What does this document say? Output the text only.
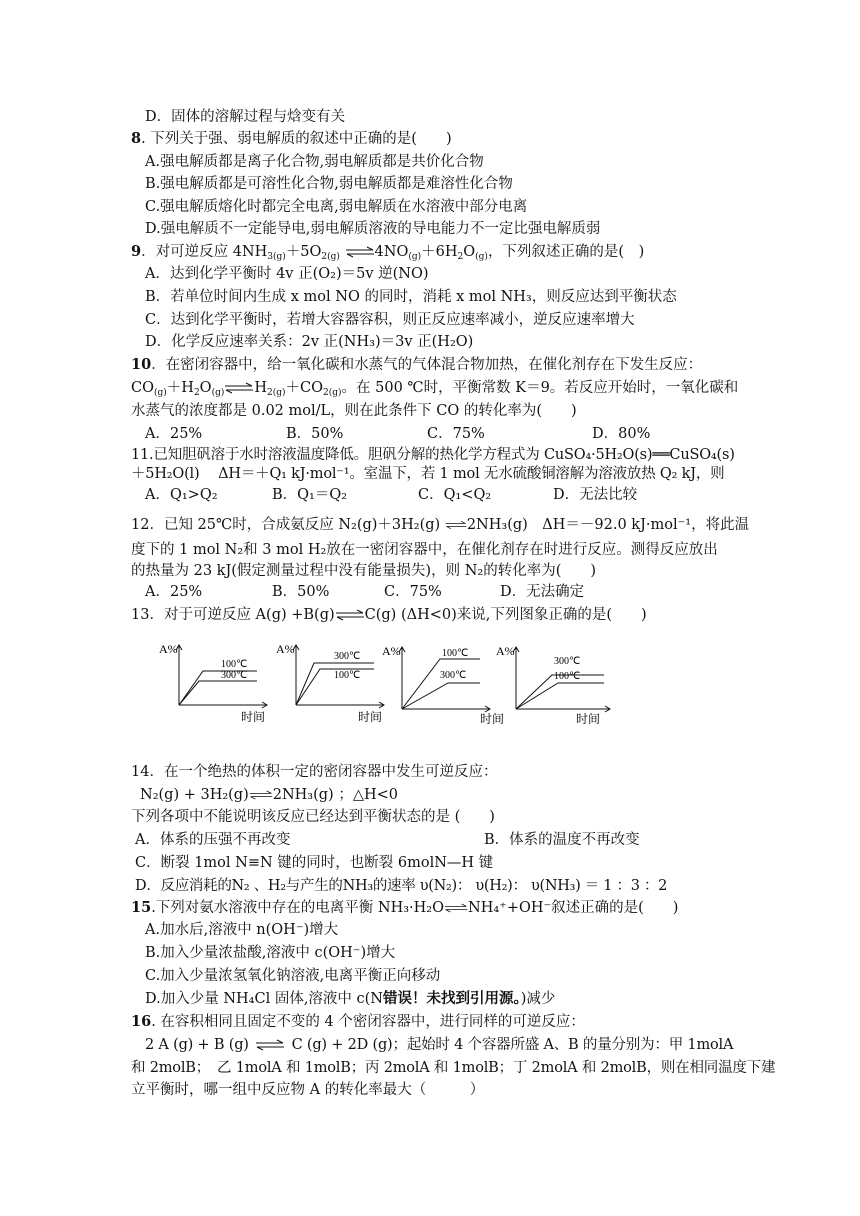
D．固体的溶解过程与焓变有关
8. 下列关于强、弱电解质的叙述中正确的是(　　)
A.强电解质都是离子化合物,弱电解质都是共价化合物
B.强电解质都是可溶性化合物,弱电解质都是难溶性化合物
C.强电解质熔化时都完全电离,弱电解质在水溶液中部分电离
D.强电解质不一定能导电,弱电解质溶液的导电能力不一定比强电解质弱
9．对可逆反应 $4NH_{3(g)}+5O_{2(g)}$ $\rightleftharpoons 4NO_{(g)}+6H_2O_{(g)}$，下列叙述正确的是(　)
A．达到化学平衡时 4v 正(O₂)＝5v 逆(NO)
B．若单位时间内生成 x mol NO 的同时，消耗 x mol NH₃，则反应达到平衡状态
C．达到化学平衡时，若增大容器容积，则正反应速率减小，逆反应速率增大
D．化学反应速率关系：2v 正(NH₃)＝3v 正(H₂O)
10．在密闭容器中，给一氧化碳和水蒸气的气体混合物加热，在催化剂存在下发生反应：
$CO_{(g)}+H_2O_{(g)}\rightleftharpoons H_{2(g)}+CO_{2(g)}$。在 500 ℃时，平衡常数 K＝9。若反应开始时，一氧化碳和
水蒸气的浓度都是 0.02 mol/L，则在此条件下 CO 的转化率为(　　)
A．25%	B．50%	C．75%	D．80%
11.已知胆矾溶于水时溶液温度降低。胆矾分解的热化学方程式为 CuSO₄·5H₂O(s)══CuSO₄(s)
＋5H₂O(l)　 ΔH＝＋Q₁ kJ·mol⁻¹。室温下，若 1 mol 无水硫酸铜溶解为溶液放热 Q₂ kJ，则
A．Q₁>Q₂	B．Q₁＝Q₂	C．Q₁<Q₂	D．无法比较
12．已知 25℃时，合成氨反应 N₂(g)＋3H₂(g) ⇌2NH₃(g)　ΔH＝－92.0 kJ·mol⁻¹，将此温
度下的 1 mol N₂和 3 mol H₂放在一密闭容器中，在催化剂存在时进行反应。测得反应放出
的热量为 23 kJ(假定测量过程中没有能量损失)，则 N₂的转化率为(　　)
A．25%	B．50%	C．75%	D．无法确定
13．对于可逆反应 A(g) +B(g)⇌C(g) (ΔH<0)来说,下列图象正确的是(　　)
A%
100℃
300℃
时间
A%
300℃
100℃
时间
A%	100℃
300℃
时间
A%
300℃
100℃
时间
14．在一个绝热的体积一定的密闭容器中发生可逆反应：
N₂(g) + 3H₂(g)⇌2NH₃(g) ；△H<0
下列各项中不能说明该反应已经达到平衡状态的是 (　　)
A．体系的压强不再改变	B．体系的温度不再改变
C．断裂 1mol N≡N 键的同时，也断裂 6molN—H 键
D．反应消耗的N₂ 、H₂与产生的NH₃的速率 υ(N₂)： υ(H₂)： υ(NH₃) ＝ 1 ：3 ：2
15.下列对氨水溶液中存在的电离平衡 NH₃·H₂O⇌NH₄⁺+OH⁻叙述正确的是(　　)
A.加水后,溶液中 n(OH⁻)增大
B.加入少量浓盐酸,溶液中 c(OH⁻)增大
C.加入少量浓氢氧化钠溶液,电离平衡正向移动
D.加入少量 NH₄Cl 固体,溶液中 c(N错误！未找到引用源。)减少
16. 在容积相同且固定不变的 4 个密闭容器中，进行同样的可逆反应：
2 A (g) + B (g) ⇌ C (g) + 2D (g)；起始时 4 个容器所盛 A、B 的量分别为：甲 1molA
和 2molB；　乙 1molA 和 1molB；丙 2molA 和 1molB；丁 2molA 和 2molB，则在相同温度下建
立平衡时，哪一组中反应物 A 的转化率最大（　　　）
